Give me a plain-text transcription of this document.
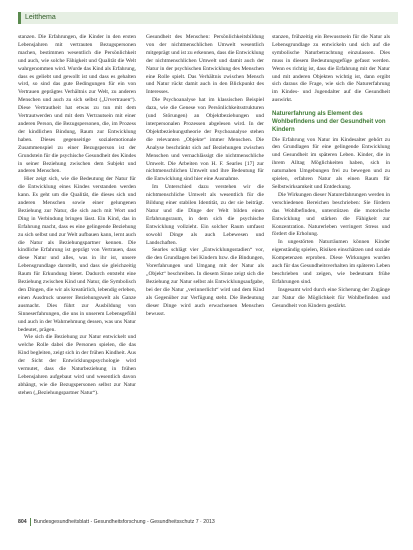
Leitthema

stanzen. Die Erfahrungen, die Kinder in den ersten Lebensjahren mit vertrauten Bezugspersonen machen, bestimmen wesentlich die Persönlichkeit und auch, wie solche Fähigkeit und Qualität die Welt wahrgenommen wird. Wurde das Kind als Erfahrung, dass es geliebt und gewollt ist und dass es gehalten wird, so sind das gute Bedingungen für ein von Vertrauen geprägtes Verhältnis zur Welt, zu anderen Menschen und auch zu sich selbst („Urvertrauen“). Diese Vertrautheit hat etwas zu tun mit dem Vertrautwerden und mit dem Vertrautsein mit einer anderen Person, die Bezugspersonen, die, im Prozess der kindlichen Bindung, Raum zur Entwicklung haben. Dieses gegenseitige sozialemotionale Zusammenspiel zu einer Bezugsperson ist der Grundstein für die psychische Gesundheit des Kindes in seiner Beziehung zwischen dem Subjekt und anderen Menschen.

Hier zeigt sich, wie die Bedeutung der Natur für die Entwicklung eines Kindes verstanden werden kann. Es geht um die Qualität, die dieses sich und anderen Menschen sowie einer gelungenen Beziehung zur Natur, die sich auch mit Wort und Ding in Verbindung bringen lässt. Ein Kind, das in Erfahrung macht, dass es eine gelingende Beziehung zu sich selbst und zur Welt aufbauen kann, lernt auch die Natur als Beziehungspartner kennen. Die kindliche Erfahrung ist geprägt von Vertrauen, dass diese Natur und alles, was in ihr ist, unsere Lebensgrundlage darstellt, und dass sie gleichzeitig Raum für Erkundung bietet. Dadurch entsteht eine Beziehung zwischen Kind und Natur, die Symbolisch den Dingen, die wir als kreatürlich, lebendig erleben, einen Ausdruck unserer Beziehungswelt als Ganze ausmacht. Dies führt zur Ausbildung von Sinneserfahrungen, die uns in unserem Lebensgefühl und auch in der Wahrnehmung dessen, was uns Natur bedeutet, prägen.

Wie sich die Beziehung zur Natur entwickelt und welche Rolle dabei die Personen spielen, die das Kind begleiten, zeigt sich in der frühen Kindheit. Aus der Sicht der Entwicklungspsychologie wird vermutet, dass die Naturbeziehung in frühen Lebensjahren aufgebaut wird und wesentlich davon abhängt, wie die Bezugspersonen selbst zur Natur stehen („Beziehungspartner Natur“).

Gesundheit des Menschen: Persönlichkeitsbildung von der nichtmenschlichen Umwelt wesentlich mitgeprägt und ist zu erkennen, dass die Entwicklung der nichtmenschlichen Umwelt und damit auch der Natur in der psychischen Entwicklung des Menschen eine Rolle spielt. Das Verhältnis zwischen Mensch und Natur rückt damit auch in den Blickpunkt des Interesses.

Die Psychoanalyse hat im klassischen Beispiel dazu, wie die Genese von Persönlichkeitsstrukturen (und Störungen) an Objektbeziehungen und interpersonalen Prozessen abgelesen wird. In der Objektbeziehungstheorie der Psychoanalyse stehen die relevanten „Objekte“ immer Menschen. Die Analyse beschränkt sich auf Beziehungen zwischen Menschen und vernachlässigt die nichtmenschliche Umwelt. Die Arbeiten von H. F. Searles [17] zur nichtmenschlichen Umwelt und ihre Bedeutung für die Entwicklung sind hier eine Ausnahme.

Im Unterschied dazu verstehen wir die nichtmenschliche Umwelt als wesentlich für die Bildung einer stabilen Identität, zu der sie beiträgt. Natur und die Dinge der Welt bilden einen Erfahrungsraum, in dem sich die psychische Entwicklung vollzieht. Ein solcher Raum umfasst sowohl Dinge als auch Lebewesen und Landschaften.

Searles schlägt vier „Entwicklungsstadien“ vor, die den Grundlagen bei Kindern bzw. die Bindungen, Vorerfahrungen und Umgang mit der Natur als „Objekt“ beschreiben. In diesem Sinne zeigt sich die Beziehung zur Natur selbst als Entwicklungsaufgabe, bei der die Natur „verinnerlicht“ wird und dem Kind als Gegenüber zur Verfügung steht. Die Bedeutung dieser Dinge wird auch erwachsenen Menschen bewusst.

stanzen, frühzeitig ein Bewusstsein für die Natur als Lebensgrundlage zu entwickeln und sich auf die symbolische Naturbetrachtung einzulassen. Dies muss in diesem Bedeutungsgefüge gefasst werden. Wenn es richtig ist, dass die Erfahrung mit der Natur und mit anderen Objekten wichtig ist, dann ergibt sich daraus die Frage, wie sich die Naturerfahrung im Kindes- und Jugendalter auf die Gesundheit auswirkt.

Naturerfahrung als Element des Wohlbefindens und der Gesundheit von Kindern

Die Erfahrung von Natur im Kindesalter gehört zu den Grundlagen für eine gelingende Entwicklung und Gesundheit im späteren Leben. Kinder, die in ihrem Alltag Möglichkeiten haben, sich in naturnahen Umgebungen frei zu bewegen und zu spielen, erfahren Natur als einen Raum für Selbstwirksamkeit und Entdeckung.

Die Wirkungen dieser Naturerfahrungen werden in verschiedenen Bereichen beschrieben: Sie fördern das Wohlbefinden, unterstützen die motorische Entwicklung und stärken die Fähigkeit zur Konzentration. Naturerleben verringert Stress und fördert die Erholung.

In ungestörten Naturräumen können Kinder eigenständig spielen, Risiken einschätzen und soziale Kompetenzen erproben. Diese Wirkungen wurden auch für das Gesundheitsverhalten im späteren Leben beschrieben und zeigen, wie bedeutsam frühe Erfahrungen sind.

Insgesamt wird durch eine Sicherung der Zugänge zur Natur die Möglichkeit für Wohlbefinden und Gesundheit von Kindern gestärkt.

804 Bundesgesundheitsblatt - Gesundheitsforschung - Gesundheitsschutz 7 · 2013
